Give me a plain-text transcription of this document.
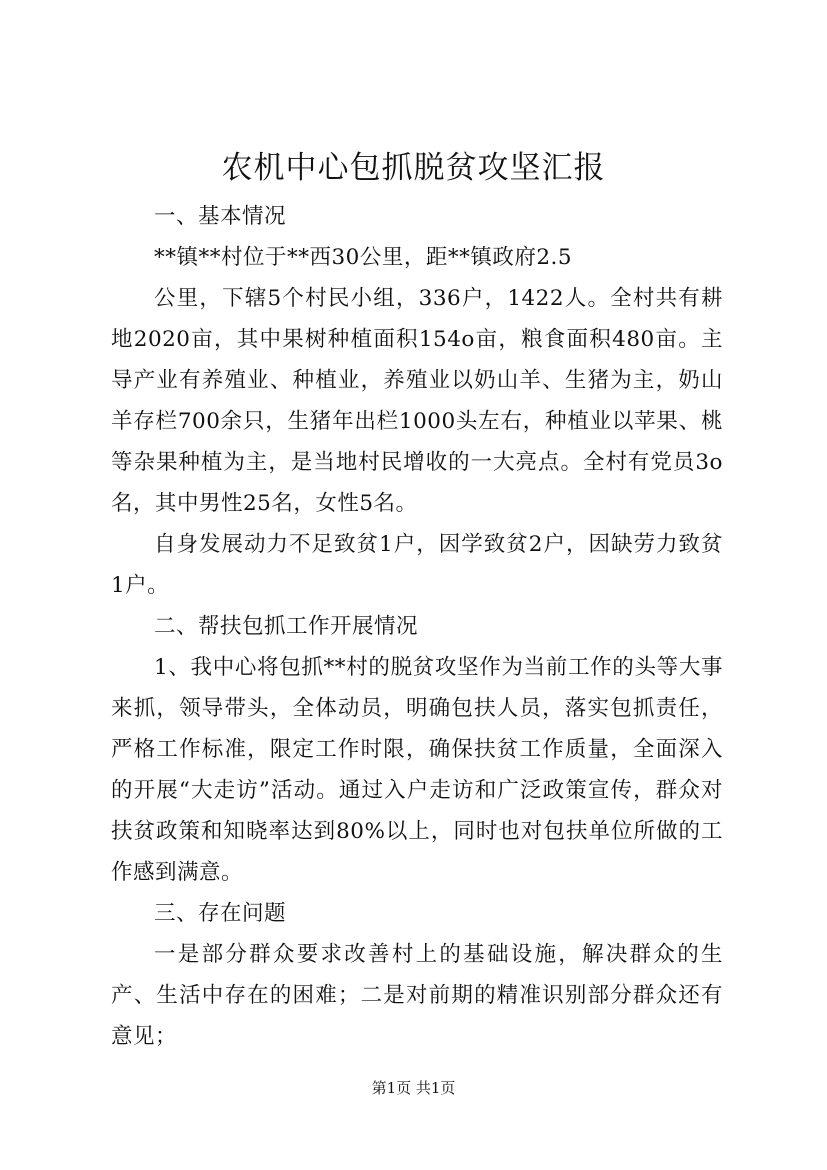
农机中心包抓脱贫攻坚汇报

一、基本情况

**镇**村位于**西30公里，距**镇政府2.5

公里，下辖5个村民小组，336户，1422人。全村共有耕地2020亩，其中果树种植面积154o亩，粮食面积480亩。主导产业有养殖业、种植业，养殖业以奶山羊、生猪为主，奶山羊存栏700余只，生猪年出栏1000头左右，种植业以苹果、桃等杂果种植为主，是当地村民增收的一大亮点。全村有党员3o名，其中男性25名，女性5名。

自身发展动力不足致贫1户，因学致贫2户，因缺劳力致贫1户。

二、帮扶包抓工作开展情况

1、我中心将包抓**村的脱贫攻坚作为当前工作的头等大事来抓，领导带头，全体动员，明确包扶人员，落实包抓责任，严格工作标准，限定工作时限，确保扶贫工作质量，全面深入的开展“大走访”活动。通过入户走访和广泛政策宣传，群众对扶贫政策和知晓率达到80%以上，同时也对包扶单位所做的工作感到满意。

三、存在问题

一是部分群众要求改善村上的基础设施，解决群众的生产、生活中存在的困难；二是对前期的精准识别部分群众还有意见；

第1页 共1页
